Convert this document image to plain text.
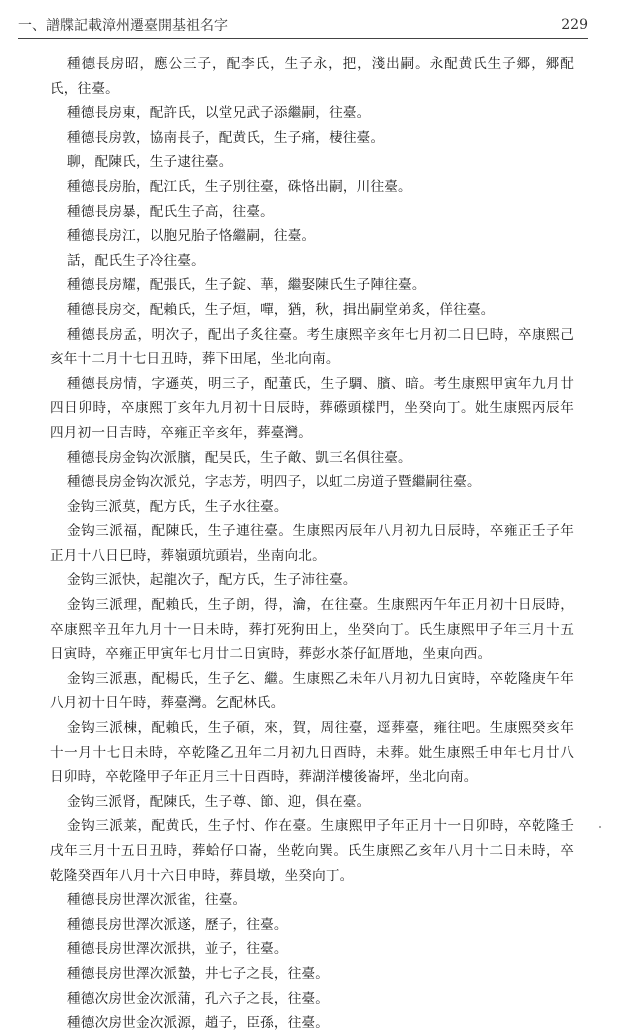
一、譜牒記載漳州遷臺開基祖名字	229

種德長房昭，應公三子，配李氏，生子永，把，淺出嗣。永配黄氏生子郷，郷配氏，往臺。

種德長房東，配許氏，以堂兄武子添繼嗣，往臺。

種德長房敦，協南長子，配黄氏，生子痛，棲往臺。

聊，配陳氏，生子逮往臺。

種德長房胎，配江氏，生子別往臺，硃恪出嗣，川往臺。

種德長房暴，配氏生子高，往臺。

種德長房江，以胞兄胎子恪繼嗣，往臺。

話，配氏生子冷往臺。

種德長房耀，配張氏，生子錠、華，繼娶陳氏生子陣往臺。

種德長房交，配賴氏，生子烜，嘽，猶，秋，揖出嗣堂弟炙，佯往臺。

種德長房孟，明次子，配出子炙往臺。考生康熙辛亥年七月初二日巳時，卒康熙己亥年十二月十七日丑時，葬下田尾，坐北向南。

種德長房情，字遜英，明三子，配董氏，生子騆、臏、暗。考生康熙甲寅年九月廿四日卯時，卒康熙丁亥年九月初十日辰時，葬礤頭樣門，坐癸向丁。妣生康熙丙辰年四月初一日吉時，卒雍正辛亥年，葬臺灣。

種德長房金钩次派臏，配吴氏，生子敵、凱三名俱往臺。

種德長房金钩次派兑，字志芳，明四子，以虹二房道子暨繼嗣往臺。

金钩三派莫，配方氏，生子水往臺。

金钩三派福，配陳氏，生子連往臺。生康熙丙辰年八月初九日辰時，卒雍正壬子年正月十八日巳時，葬嶺頭坑頭岩，坐南向北。

金钩三派快，起龍次子，配方氏，生子沛往臺。

金钩三派理，配賴氏，生子朗，得，瀹，在往臺。生康熙丙午年正月初十日辰時，卒康熙辛丑年九月十一日未時，葬打死狗田上，坐癸向丁。氏生康熙甲子年三月十五日寅時，卒雍正甲寅年七月廿二日寅時，葬彭水茶仔缸厝地，坐東向西。

金钩三派惠，配楊氏，生子乞、繼。生康熙乙未年八月初九日寅時，卒乾隆庚午年八月初十日午時，葬臺灣。乞配林氏。

金钩三派棟，配賴氏，生子碩，來，賀，周往臺，逕葬臺，雍往吧。生康熙癸亥年十一月十七日未時，卒乾隆乙丑年二月初九日酉時，未葬。妣生康熙壬申年七月廿八日卯時，卒乾隆甲子年正月三十日酉時，葬湖洋樓後崙坪，坐北向南。

金钩三派肾，配陳氏，生子尊、節、迎，俱在臺。

金钩三派莱，配黄氏，生子忖、作在臺。生康熙甲子年正月十一日卯時，卒乾隆壬戌年三月十五日丑時，葬蛤仔口崙，坐乾向巽。氏生康熙乙亥年八月十二日未時，卒乾隆癸酉年八月十六日申時，葬員墩，坐癸向丁。

種德長房世澤次派雀，往臺。

種德長房世澤次派遂，歷子，往臺。

種德長房世澤次派拱，並子，往臺。

種德長房世澤次派蟄，井七子之長，往臺。

種德次房世金次派蒲，孔六子之長，往臺。

種德次房世金次派源，趙子，臣孫，往臺。
